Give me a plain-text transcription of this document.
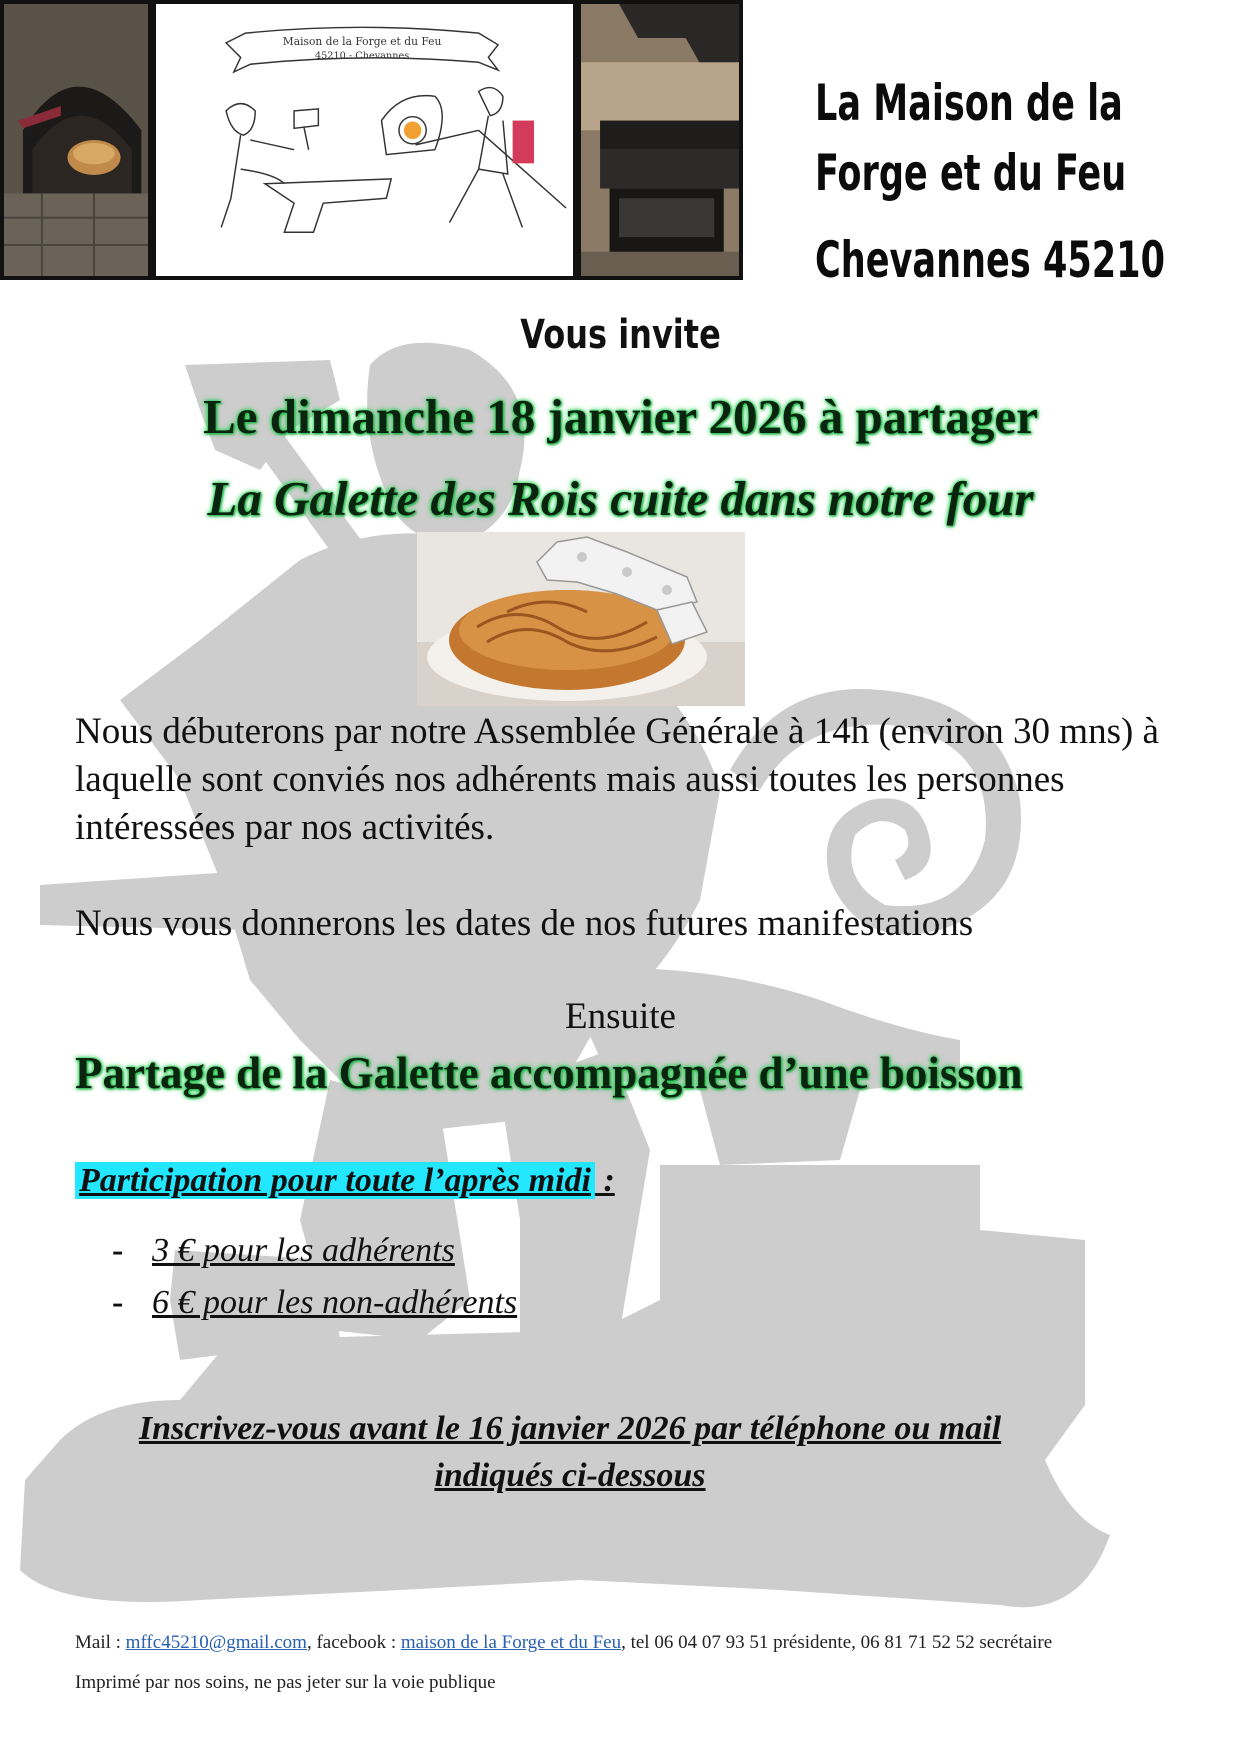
Maison de la Forge et du Feu
45210 - Chevannes
La Maison de la
Forge et du Feu
Chevannes 45210
Vous invite
Le dimanche 18 janvier 2026 à partager
La Galette des Rois cuite dans notre four
Nous débuterons par notre Assemblée Générale à 14h (environ 30 mns) à laquelle sont conviés nos adhérents mais aussi toutes les personnes intéressées par nos activités.
Nous vous donnerons les dates de nos futures manifestations
Ensuite
Partage de la Galette accompagnée d’une boisson
Participation pour toute l’après midi :
- 3 € pour les adhérents
- 6 € pour les non-adhérents
Inscrivez-vous avant le 16 janvier 2026 par téléphone ou mail
indiqués ci-dessous
Mail : mffc45210@gmail.com, facebook : maison de la Forge et du Feu, tel 06 04 07 93 51 présidente, 06 81 71 52 52 secrétaire
Imprimé par nos soins, ne pas jeter sur la voie publique
